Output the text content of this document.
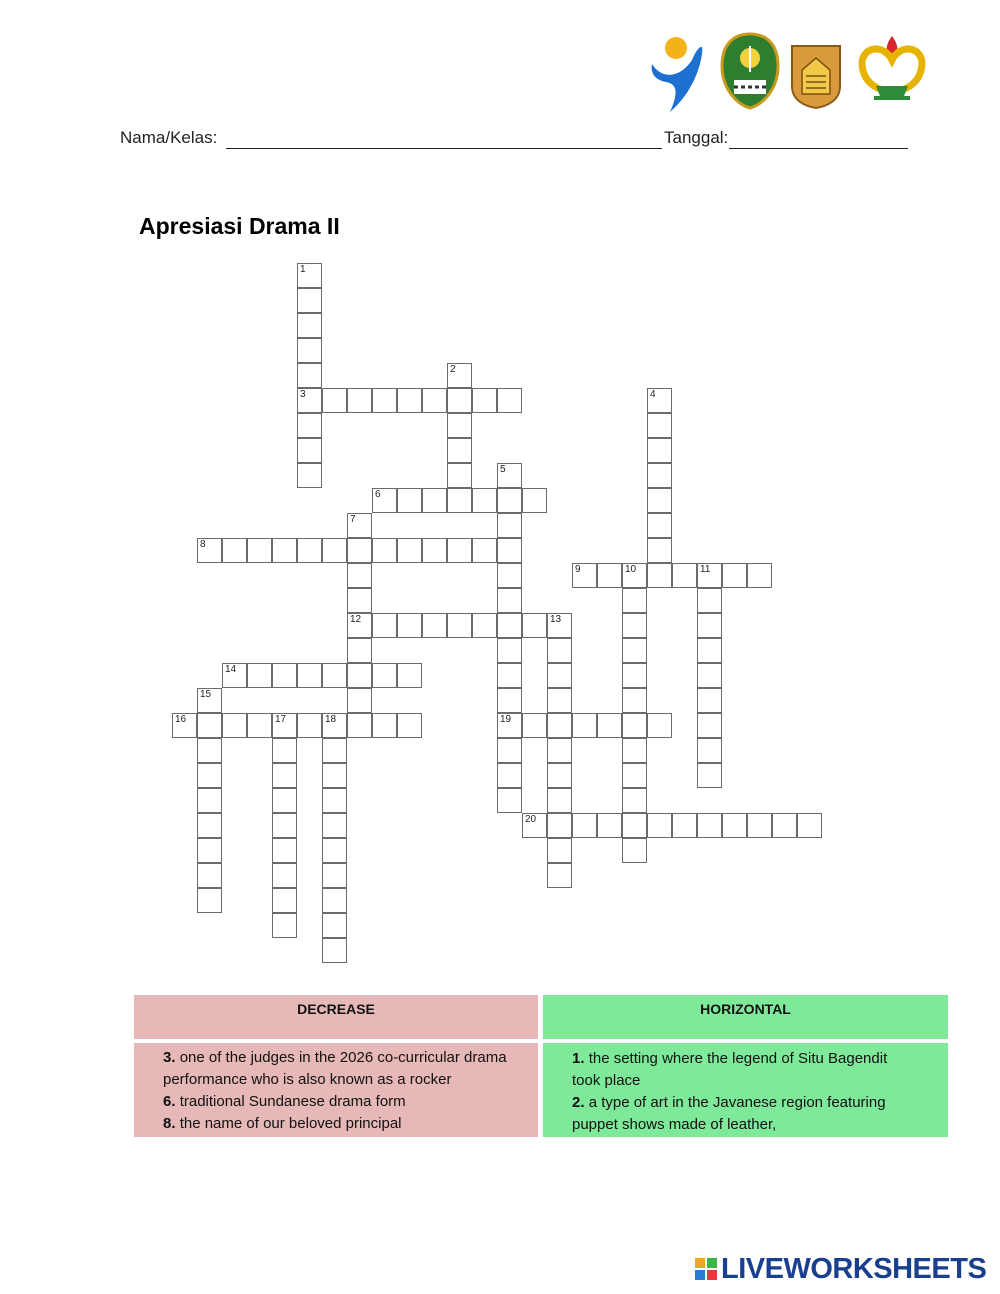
Nama/Kelas:	Tanggal:
Apresiasi Drama II
1
3
2
4
5
19
6
7
12
8
9	10	11
13
14
15
16	17	18
20
DECREASE	HORIZONTAL
3. one of the judges in the 2026 co-curricular drama performance who is also known as a rocker
6. traditional Sundanese drama form
8. the name of our beloved principal
1. the setting where the legend of Situ Bagendit took place
2. a type of art in the Javanese region featuring puppet shows made of leather,
LIVEWORKSHEETS
